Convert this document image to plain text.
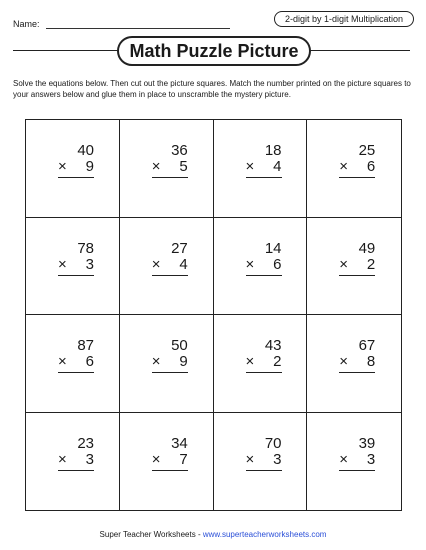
Name:	2-digit by 1-digit Multiplication
Math Puzzle Picture
Solve the equations below. Then cut out the picture squares. Match the number printed on the picture squares to your answers below and glue them in place to unscramble the mystery picture.
40
× 9
36
× 5
18
× 4
25
× 6
78
× 3
27
× 4
14
× 6
49
× 2
87
× 6
50
× 9
43
× 2
67
× 8
23
× 3
34
× 7
70
× 3
39
× 3
Super Teacher Worksheets - www.superteacherworksheets.com
